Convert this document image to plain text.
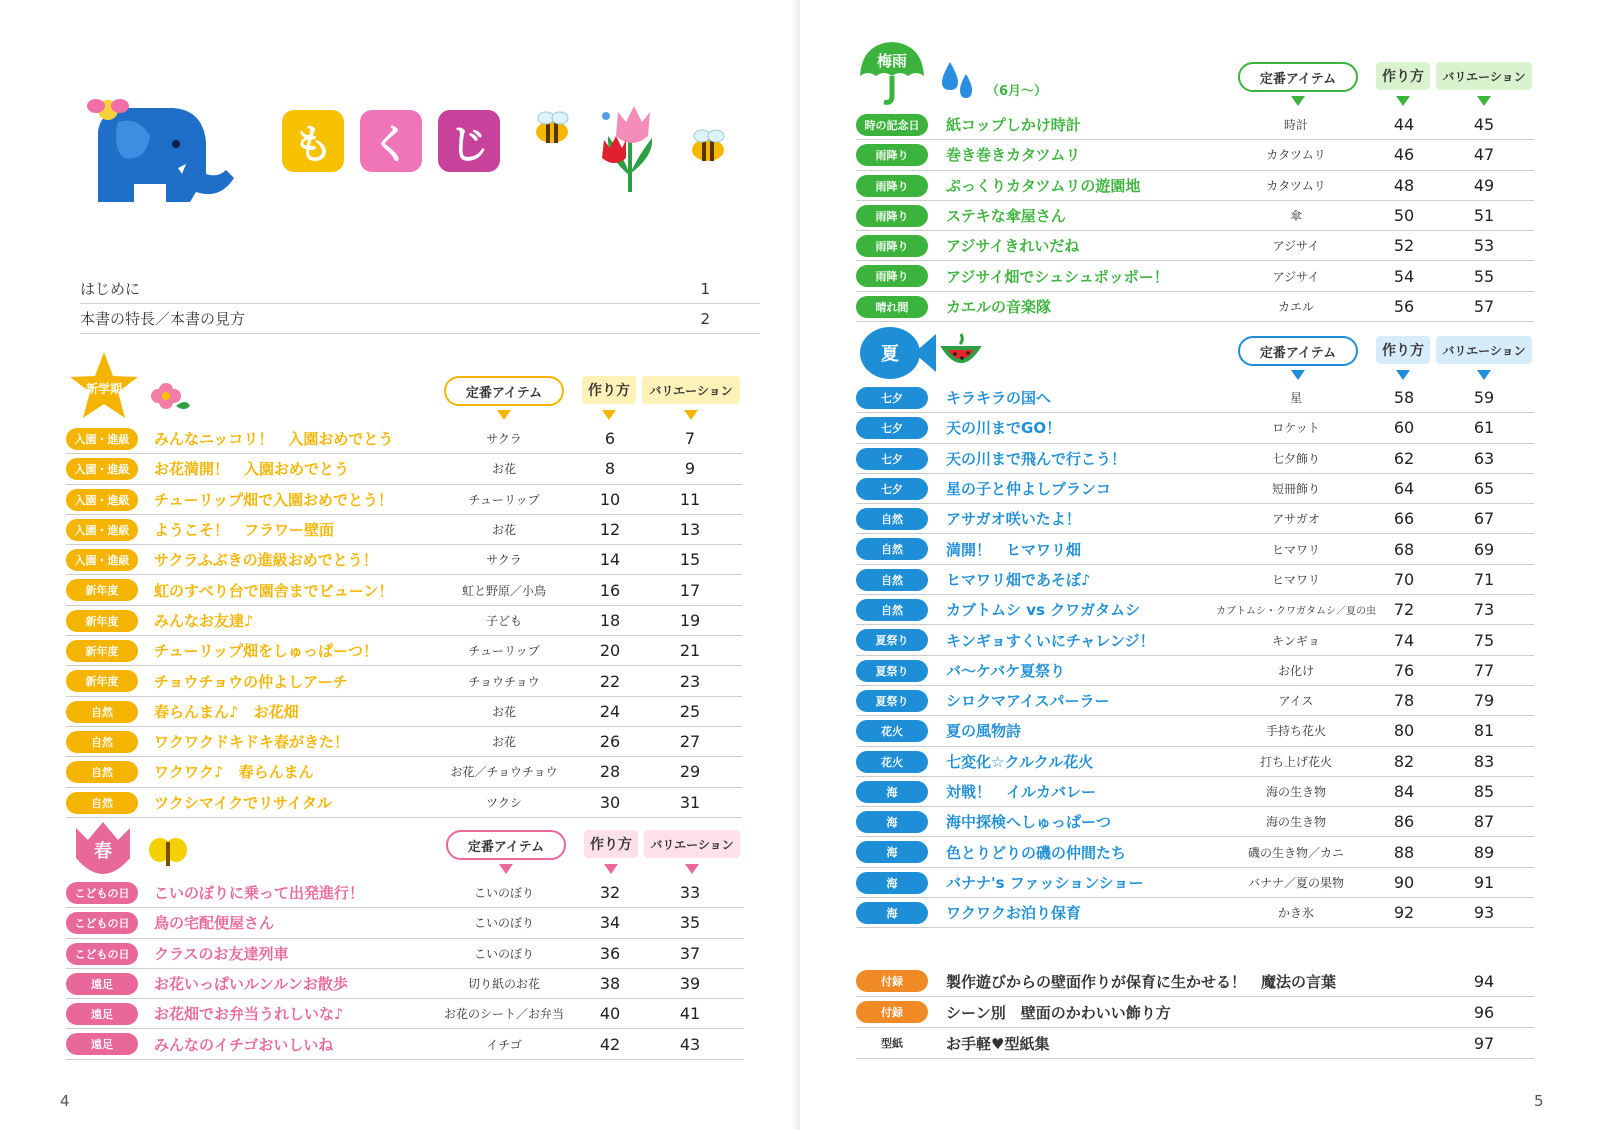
も く じ
はじめに	1
本書の特長／本書の見方	2
新学期	定番アイテム	作り方	バリエーション
入園・進級	みんなニッコリ！　入園おめでとう	サクラ	6	7
入園・進級	お花満開！　入園おめでとう	お花	8	9
入園・進級	チューリップ畑で入園おめでとう！	チューリップ	10	11
入園・進級	ようこそ！　フラワー壁面	お花	12	13
入園・進級	サクラふぶきの進級おめでとう！	サクラ	14	15
新年度	虹のすべり台で園舎までビューン！	虹と野原／小鳥	16	17
新年度	みんなお友達♪	子ども	18	19
新年度	チューリップ畑をしゅっぱーつ！	チューリップ	20	21
新年度	チョウチョウの仲よしアーチ	チョウチョウ	22	23
自然	春らんまん♪　お花畑	お花	24	25
自然	ワクワクドキドキ春がきた！	お花	26	27
自然	ワクワク♪　春らんまん	お花／チョウチョウ	28	29
自然	ツクシマイクでリサイタル	ツクシ	30	31
春	定番アイテム	作り方	バリエーション
こどもの日	こいのぼりに乗って出発進行！	こいのぼり	32	33
こどもの日	鳥の宅配便屋さん	こいのぼり	34	35
こどもの日	クラスのお友達列車	こいのぼり	36	37
遠足	お花いっぱいルンルンお散歩	切り紙のお花	38	39
遠足	お花畑でお弁当うれしいな♪	お花のシート／お弁当	40	41
遠足	みんなのイチゴおいしいね	イチゴ	42	43
4
梅雨
（6月～）
定番アイテム	作り方	バリエーション
時の記念日	紙コップしかけ時計	時計	44	45
雨降り	巻き巻きカタツムリ	カタツムリ	46	47
雨降り	ぷっくりカタツムリの遊園地	カタツムリ	48	49
雨降り	ステキな傘屋さん	傘	50	51
雨降り	アジサイきれいだね	アジサイ	52	53
雨降り	アジサイ畑でシュシュポッポー！	アジサイ	54	55
晴れ間	カエルの音楽隊	カエル	56	57
夏	定番アイテム	作り方	バリエーション
七夕	キラキラの国へ	星	58	59
七夕	天の川までGO！	ロケット	60	61
七夕	天の川まで飛んで行こう！	七夕飾り	62	63
七夕	星の子と仲よしブランコ	短冊飾り	64	65
自然	アサガオ咲いたよ！	アサガオ	66	67
自然	満開！　ヒマワリ畑	ヒマワリ	68	69
自然	ヒマワリ畑であそぼ♪	ヒマワリ	70	71
自然	カブトムシ vs クワガタムシ	カブトムシ・クワガタムシ／夏の虫	72	73
夏祭り	キンギョすくいにチャレンジ！	キンギョ	74	75
夏祭り	バ～ケバケ夏祭り	お化け	76	77
夏祭り	シロクマアイスパーラー	アイス	78	79
花火	夏の風物詩	手持ち花火	80	81
花火	七変化☆クルクル花火	打ち上げ花火	82	83
海	対戦！　イルカバレー	海の生き物	84	85
海	海中探検へしゅっぱーつ	海の生き物	86	87
海	色とりどりの磯の仲間たち	磯の生き物／カニ	88	89
海	バナナ's ファッションショー	バナナ／夏の果物	90	91
海	ワクワクお泊り保育	かき氷	92	93
付録	製作遊びからの壁面作りが保育に生かせる！　魔法の言葉	94
付録	シーン別　壁面のかわいい飾り方	96
型紙	お手軽♥型紙集	97
5
